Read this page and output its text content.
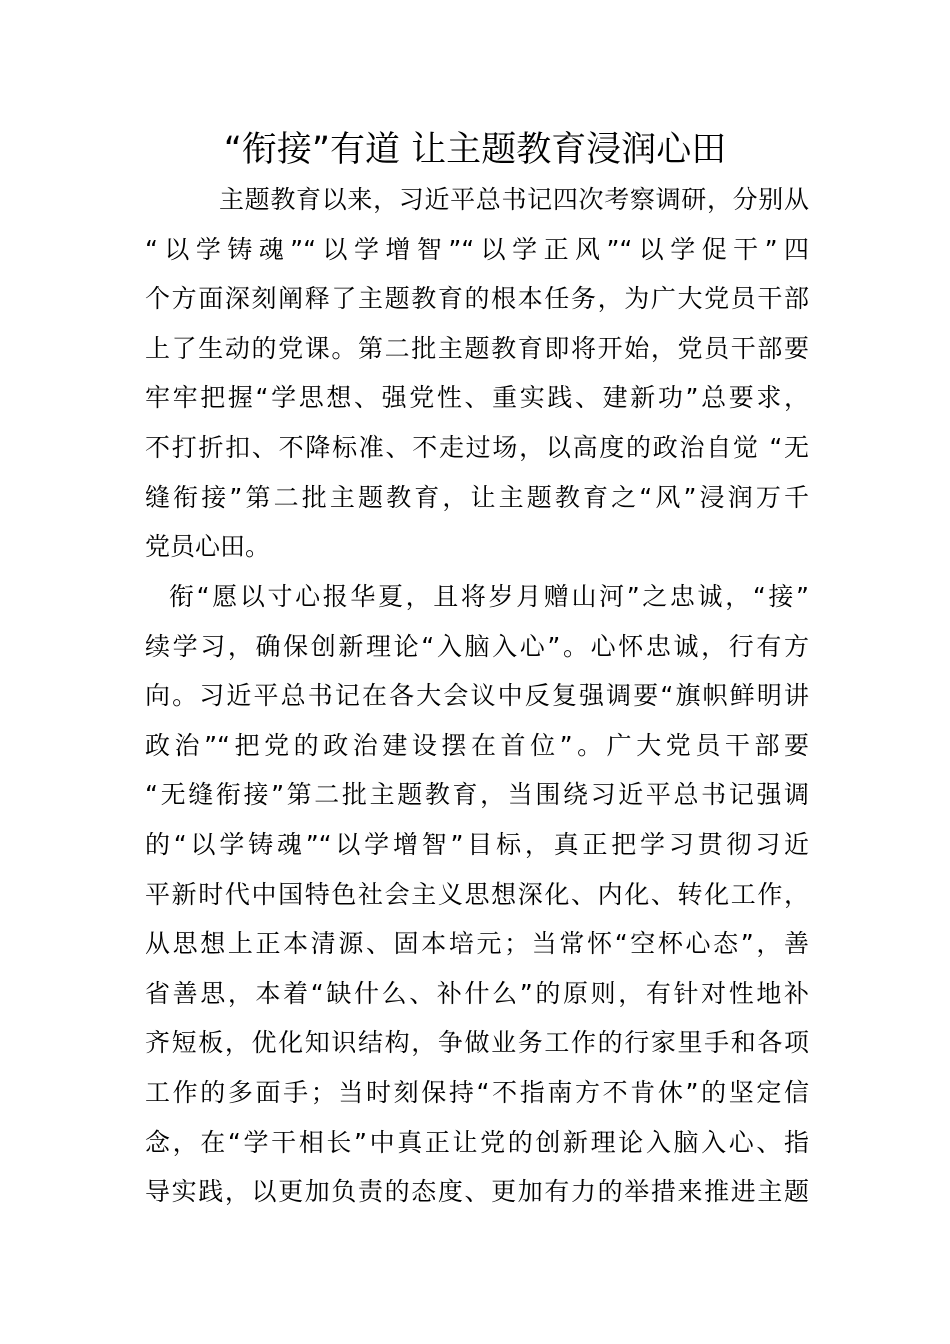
“衔接”有道 让主题教育浸润心田
主题教育以来，习近平总书记四次考察调研，分别从
“以学铸魂”“以学增智”“以学正风”“以学促干”四
个方面深刻阐释了主题教育的根本任务，为广大党员干部
上了生动的党课。第二批主题教育即将开始，党员干部要
牢牢把握“学思想、强党性、重实践、建新功”总要求，
不打折扣、不降标准、不走过场，以高度的政治自觉 “无
缝衔接”第二批主题教育，让主题教育之“风”浸润万千
党员心田。
衔“愿以寸心报华夏，且将岁月赠山河”之忠诚，“接”
续学习，确保创新理论“入脑入心”。心怀忠诚，行有方
向。习近平总书记在各大会议中反复强调要“旗帜鲜明讲
政治”“把党的政治建设摆在首位”。广大党员干部要
“无缝衔接”第二批主题教育，当围绕习近平总书记强调
的“以学铸魂”“以学增智”目标，真正把学习贯彻习近
平新时代中国特色社会主义思想深化、内化、转化工作，
从思想上正本清源、固本培元；当常怀“空杯心态”，善
省善思，本着“缺什么、补什么”的原则，有针对性地补
齐短板，优化知识结构，争做业务工作的行家里手和各项
工作的多面手；当时刻保持“不指南方不肯休”的坚定信
念，在“学干相长”中真正让党的创新理论入脑入心、指
导实践，以更加负责的态度、更加有力的举措来推进主题
